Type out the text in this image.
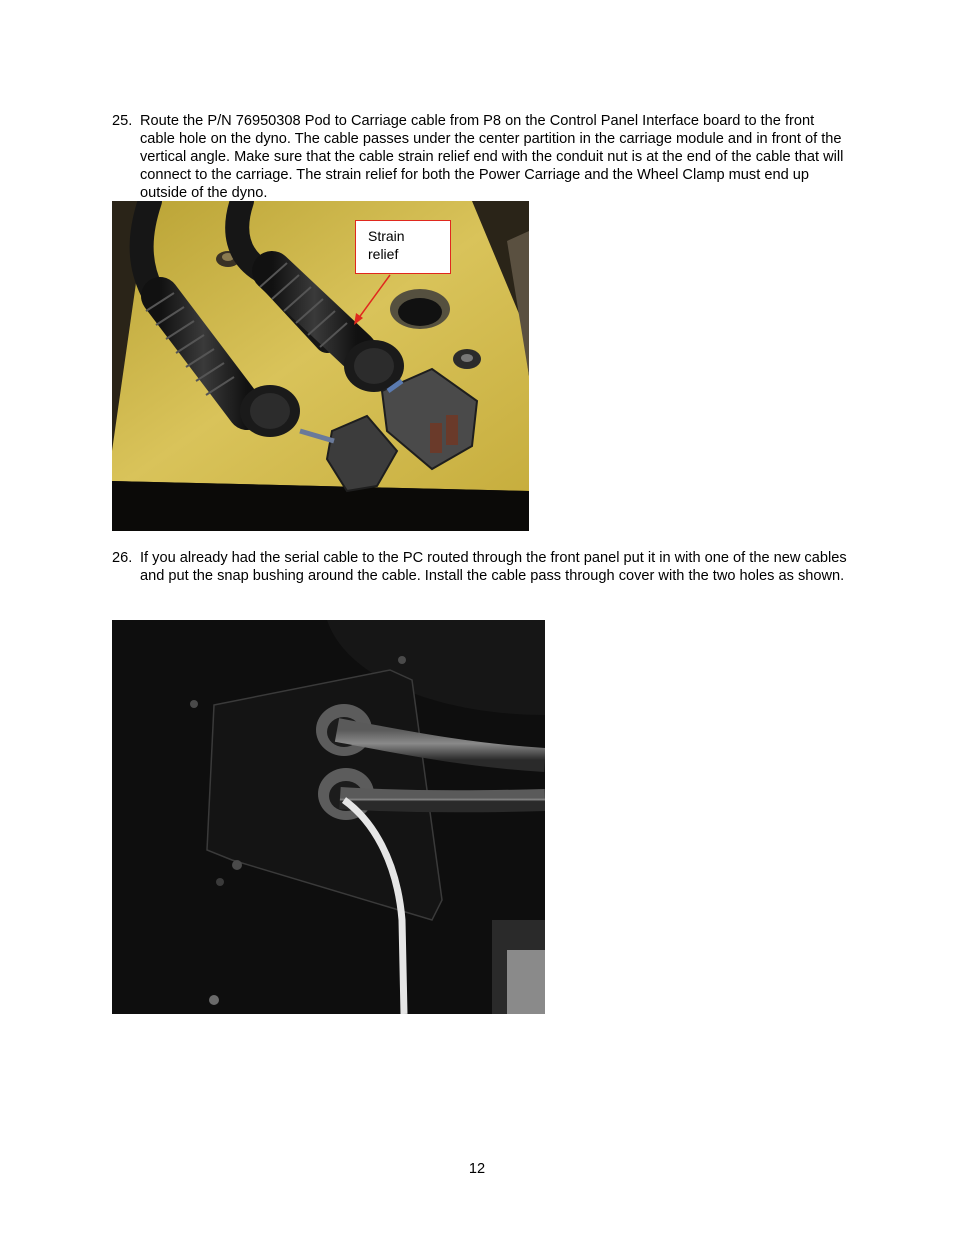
25. Route the P/N 76950308 Pod to Carriage cable from P8 on the Control Panel Interface board to the front cable hole on the dyno. The cable passes under the center partition in the carriage module and in front of the vertical angle. Make sure that the cable strain relief end with the conduit nut is at the end of the cable that will connect to the carriage. The strain relief for both the Power Carriage and the Wheel Clamp must end up outside of the dyno.
Strain
relief
26. If you already had the serial cable to the PC routed through the front panel put it in with one of the new cables and put the snap bushing around the cable. Install the cable pass through cover with the two holes as shown.
12
